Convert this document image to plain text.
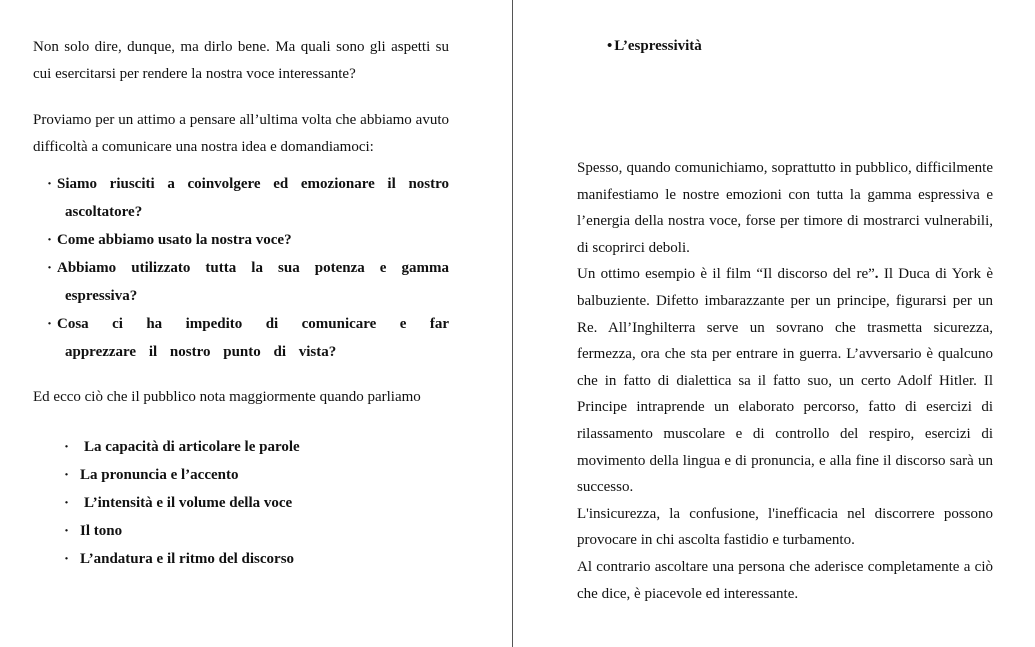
Non solo dire, dunque, ma dirlo bene. Ma quali sono gli aspetti su cui esercitarsi per rendere la nostra voce interessante?

Proviamo per un attimo a pensare all’ultima volta che abbiamo avuto difficoltà a comunicare una nostra idea e domandiamoci:

· Siamo riusciti a coinvolgere ed emozionare il nostro ascoltatore?
· Come abbiamo usato la nostra voce?
· Abbiamo utilizzato tutta la sua potenza e gamma espressiva?
· Cosa ci ha impedito di comunicare e far apprezzare il nostro punto di vista?

Ed ecco ciò che il pubblico nota maggiormente quando parliamo

· La capacità di articolare le parole
· La pronuncia e l’accento
· L’intensità e il volume della voce
· Il tono
· L’andatura e il ritmo del discorso
• L’espressività

Spesso, quando comunichiamo, soprattutto in pubblico, difficilmente manifestiamo le nostre emozioni con tutta la gamma espressiva e l’energia della nostra voce, forse per timore di mostrarci vulnerabili, di scoprirci deboli.

Un ottimo esempio è il film “Il discorso del re”. Il Duca di York è balbuziente. Difetto imbarazzante per un principe, figurarsi per un Re. All’Inghilterra serve un sovrano che trasmetta sicurezza, fermezza, ora che sta per entrare in guerra. L’avversario è qualcuno che in fatto di dialettica sa il fatto suo, un certo Adolf Hitler. Il Principe intraprende un elaborato percorso, fatto di esercizi di rilassamento muscolare e di controllo del respiro, esercizi di movimento della lingua e di pronuncia, e alla fine il discorso sarà un successo.

L'insicurezza, la confusione, l'inefficacia nel discorrere possono provocare in chi ascolta fastidio e turbamento.

Al contrario ascoltare una persona che aderisce completamente a ciò che dice, è piacevole ed interessante.
